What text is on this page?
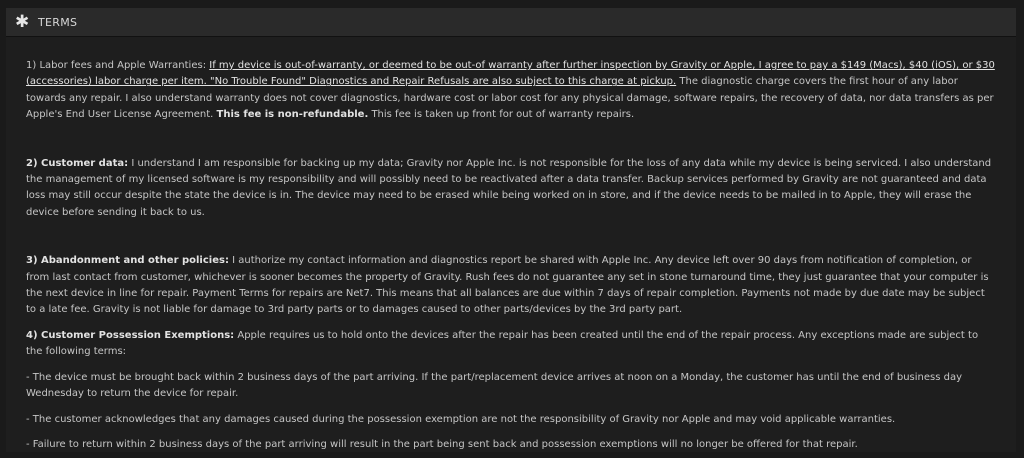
✱ TERMS

1) Labor fees and Apple Warranties: If my device is out-of-warranty, or deemed to be out-of warranty after further inspection by Gravity or Apple, I agree to pay a $149 (Macs), $40 (iOS), or $30 (accessories) labor charge per item. "No Trouble Found" Diagnostics and Repair Refusals are also subject to this charge at pickup. The diagnostic charge covers the first hour of any labor towards any repair. I also understand warranty does not cover diagnostics, hardware cost or labor cost for any physical damage, software repairs, the recovery of data, nor data transfers as per Apple's End User License Agreement. This fee is non-refundable. This fee is taken up front for out of warranty repairs.

2) Customer data: I understand I am responsible for backing up my data; Gravity nor Apple Inc. is not responsible for the loss of any data while my device is being serviced. I also understand the management of my licensed software is my responsibility and will possibly need to be reactivated after a data transfer. Backup services performed by Gravity are not guaranteed and data loss may still occur despite the state the device is in. The device may need to be erased while being worked on in store, and if the device needs to be mailed in to Apple, they will erase the device before sending it back to us.

3) Abandonment and other policies: I authorize my contact information and diagnostics report be shared with Apple Inc. Any device left over 90 days from notification of completion, or from last contact from customer, whichever is sooner becomes the property of Gravity. Rush fees do not guarantee any set in stone turnaround time, they just guarantee that your computer is the next device in line for repair. Payment Terms for repairs are Net7. This means that all balances are due within 7 days of repair completion. Payments not made by due date may be subject to a late fee. Gravity is not liable for damage to 3rd party parts or to damages caused to other parts/devices by the 3rd party part.

4) Customer Possession Exemptions: Apple requires us to hold onto the devices after the repair has been created until the end of the repair process. Any exceptions made are subject to the following terms:

- The device must be brought back within 2 business days of the part arriving. If the part/replacement device arrives at noon on a Monday, the customer has until the end of business day Wednesday to return the device for repair.

- The customer acknowledges that any damages caused during the possession exemption are not the responsibility of Gravity nor Apple and may void applicable warranties.

- Failure to return within 2 business days of the part arriving will result in the part being sent back and possession exemptions will no longer be offered for that repair.
